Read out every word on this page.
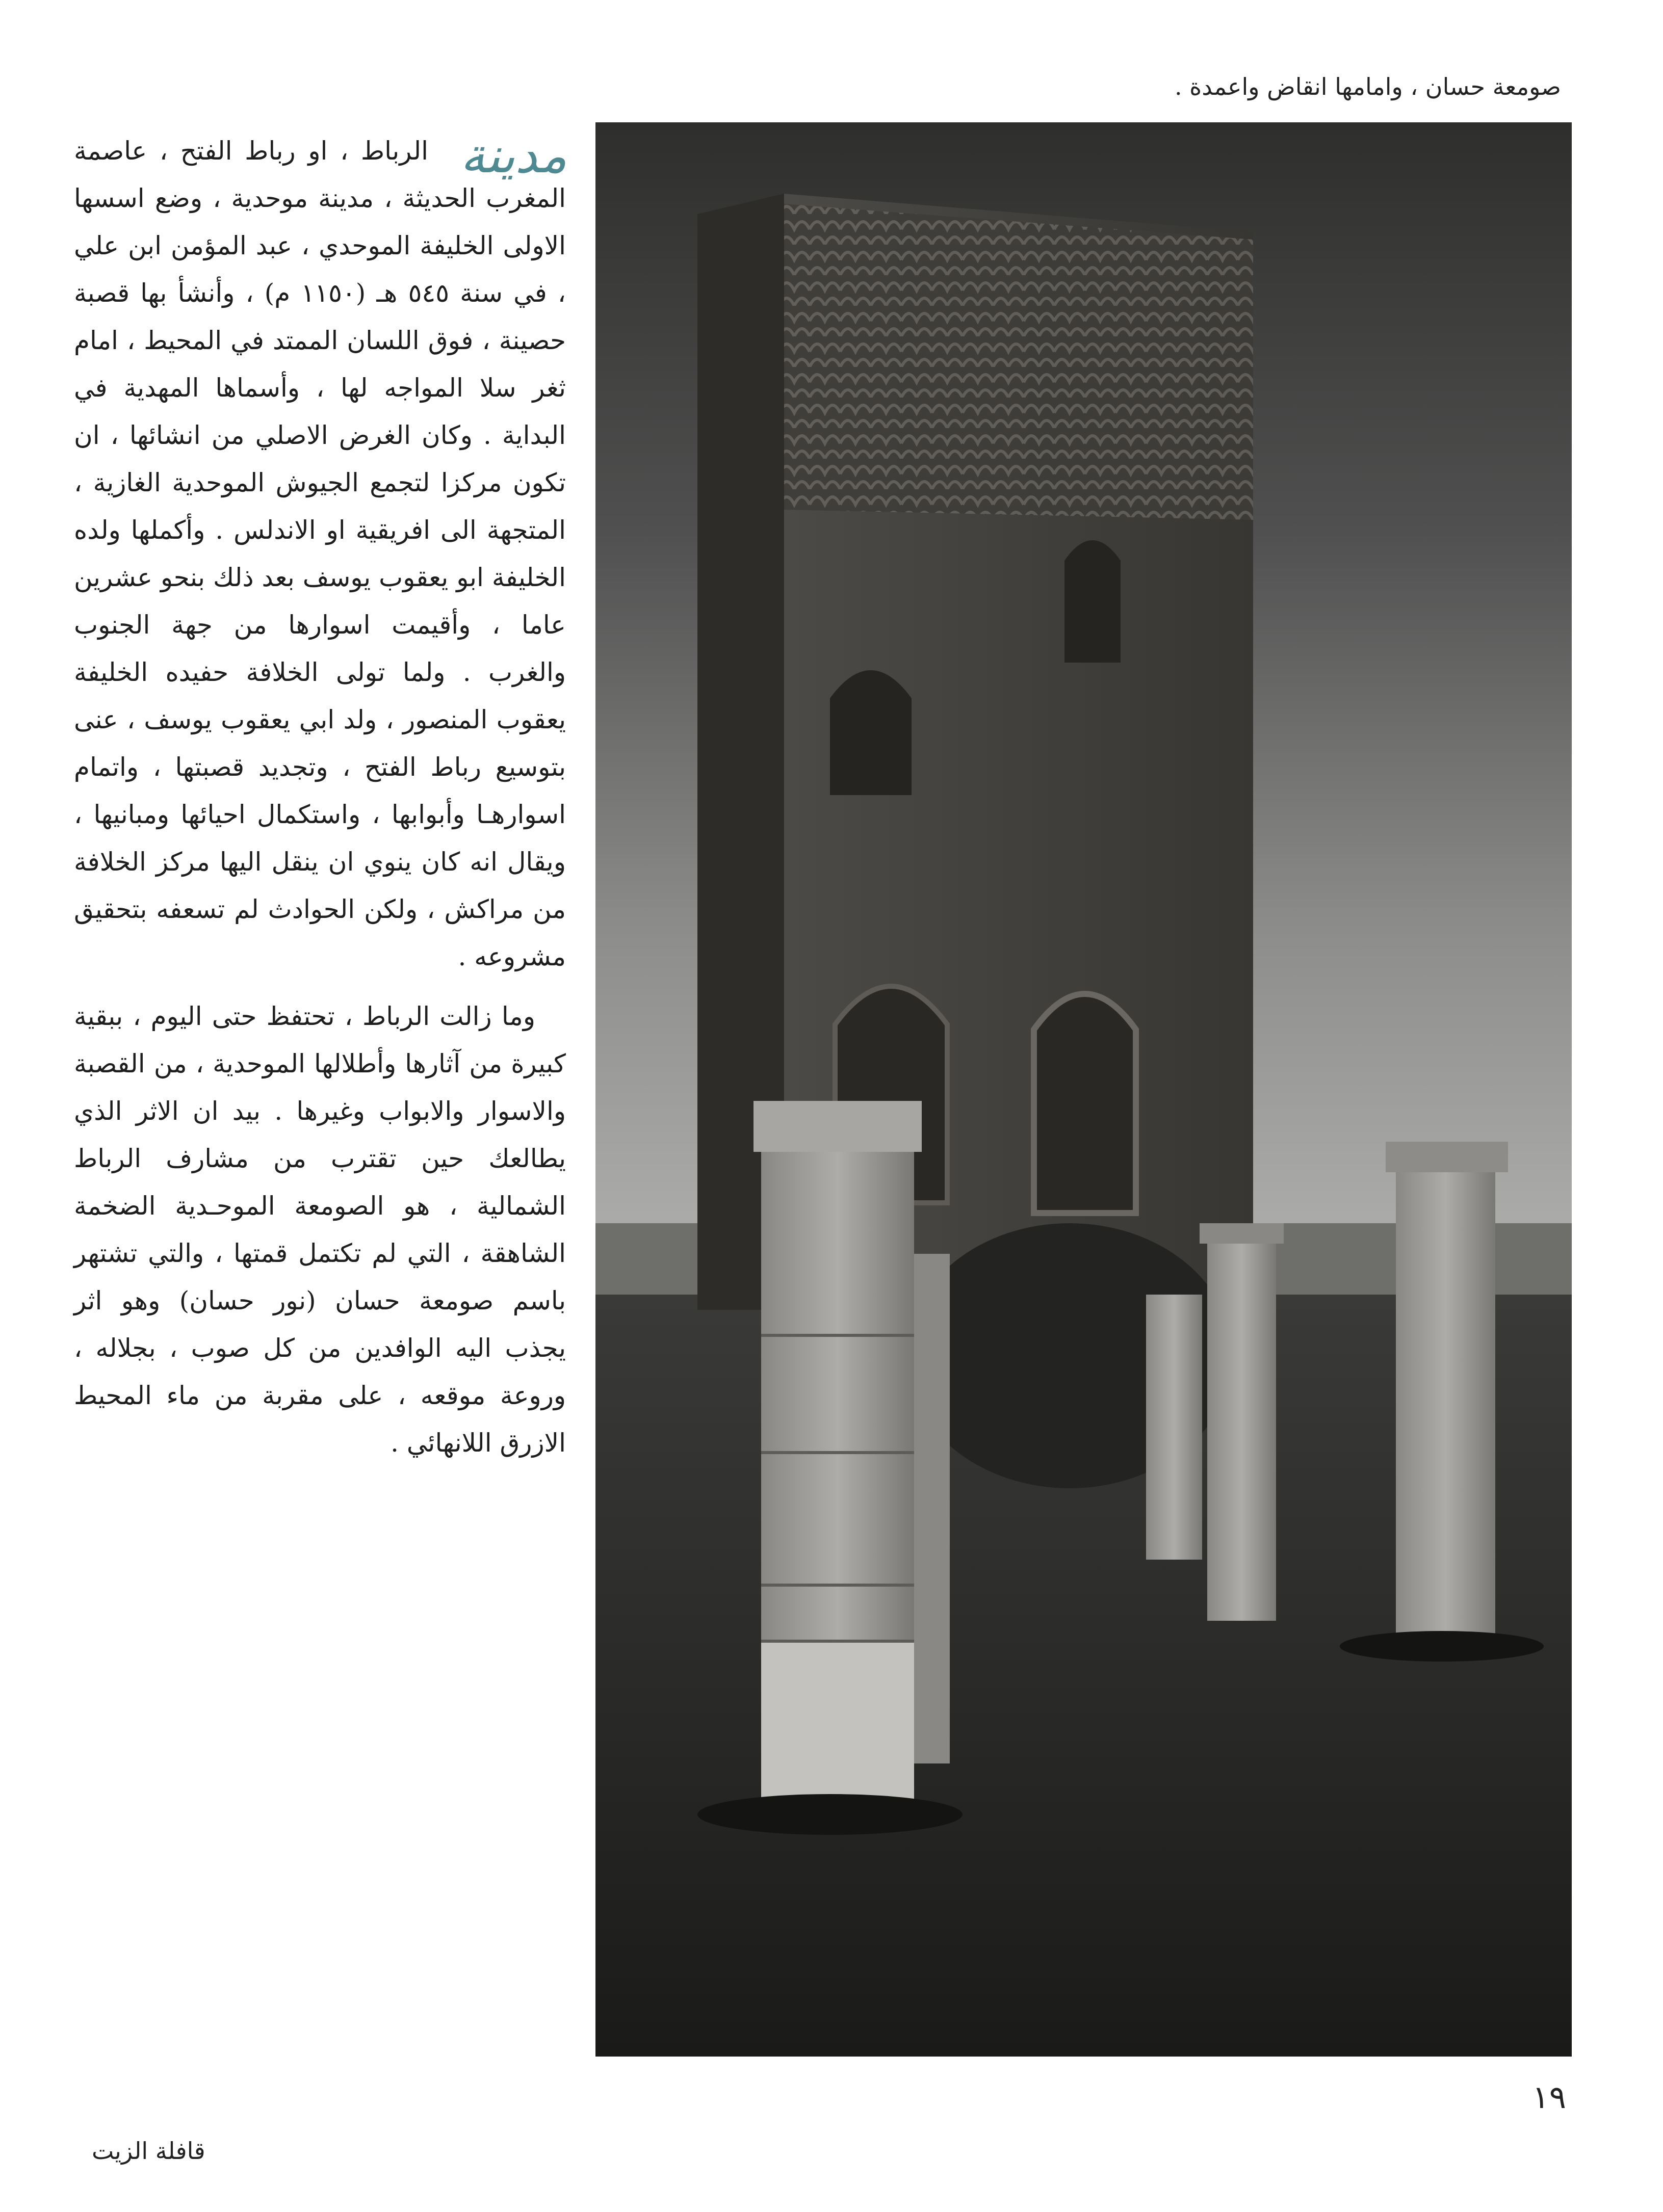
صومعة حسان ، وامامها انقاض واعمدة .
مدينة

الرباط ، او رباط الفتح ، عاصمة المغرب الحديثة ، مدينة موحدية ، وضع اسسها الاولى الخليفة الموحدي ، عبد المؤمن ابن علي ، في سنة ٥٤٥ هـ (١١٥٠ م) ، وأنشأ بها قصبة حصينة ، فوق اللسان الممتد في المحيط ، امام ثغر سلا المواجه لها ، وأسماها المهدية في البداية . وكان الغرض الاصلي من انشائها ، ان تكون مركزا لتجمع الجيوش الموحدية الغازية ، المتجهة الى افريقية او الاندلس . وأكملها ولده الخليفة ابو يعقوب يوسف بعد ذلك بنحو عشرين عاما ، وأقيمت اسوارها من جهة الجنوب والغرب . ولما تولى الخلافة حفيده الخليفة يعقوب المنصور ، ولد ابي يعقوب يوسف ، عنى بتوسيع رباط الفتح ، وتجديد قصبتها ، واتمام اسوارهـا وأبوابها ، واستكمال احيائها ومبانيها ، ويقال انه كان ينوي ان ينقل اليها مركز الخلافة من مراكش ، ولكن الحوادث لم تسعفه بتحقيق مشروعه .

وما زالت الرباط ، تحتفظ حتى اليوم ، ببقية كبيرة من آثارها وأطلالها الموحدية ، من القصبة والاسوار والابواب وغيرها . بيد ان الاثر الذي يطالعك حين تقترب من مشارف الرباط الشمالية ، هو الصومعة الموحـدية الضخمة الشاهقة ، التي لم تكتمل قمتها ، والتي تشتهر باسم صومعة حسان (نور حسان) وهو اثر يجذب اليه الوافدين من كل صوب ، بجلاله ، وروعة موقعه ، على مقربة من ماء المحيط الازرق اللانهائي .

١٩
قافلة الزيت
